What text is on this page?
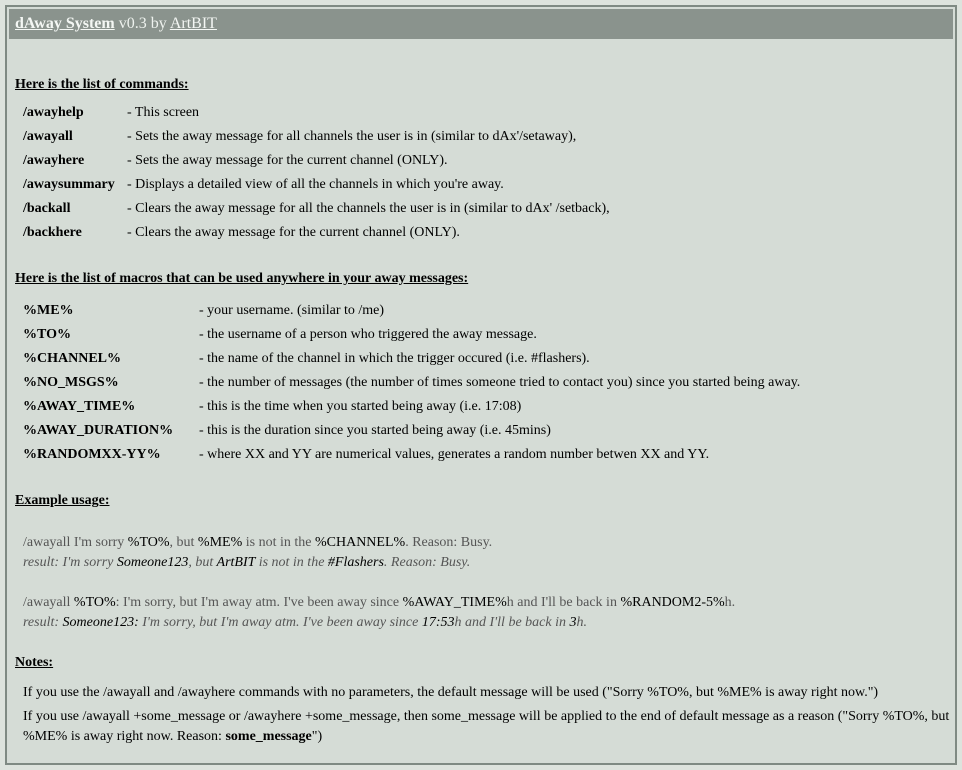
dAway System v0.3 by ArtBIT
Here is the list of commands:
/awayhelp	- This screen
/awayall	- Sets the away message for all channels the user is in (similar to dAx'/setaway),
/awayhere	- Sets the away message for the current channel (ONLY).
/awaysummary - Displays a detailed view of all the channels in which you're away.
/backall	- Clears the away message for all the channels the user is in (similar to dAx' /setback),
/backhere	- Clears the away message for the current channel (ONLY).
Here is the list of macros that can be used anywhere in your away messages:
%ME%	- your username. (similar to /me)
%TO%	- the username of a person who triggered the away message.
%CHANNEL%	- the name of the channel in which the trigger occured (i.e. #flashers).
%NO_MSGS%	- the number of messages (the number of times someone tried to contact you) since you started being away.
%AWAY_TIME%	- this is the time when you started being away (i.e. 17:08)
%AWAY_DURATION% - this is the duration since you started being away (i.e. 45mins)
%RANDOMXX-YY%	- where XX and YY are numerical values, generates a random number betwen XX and YY.
Example usage:
/awayall I'm sorry %TO%, but %ME% is not in the %CHANNEL%. Reason: Busy.
result: I'm sorry Someone123, but ArtBIT is not in the #Flashers. Reason: Busy.
/awayall %TO%: I'm sorry, but I'm away atm. I've been away since %AWAY_TIME%h and I'll be back in %RANDOM2-5%h.
result: Someone123: I'm sorry, but I'm away atm. I've been away since 17:53h and I'll be back in 3h.
Notes:
If you use the /awayall and /awayhere commands with no parameters, the default message will be used ("Sorry %TO%, but %ME% is away right now.")
If you use /awayall +some_message or /awayhere +some_message, then some_message will be applied to the end of default message as a reason ("Sorry %TO%, but %ME% is away right now. Reason: some_message")
